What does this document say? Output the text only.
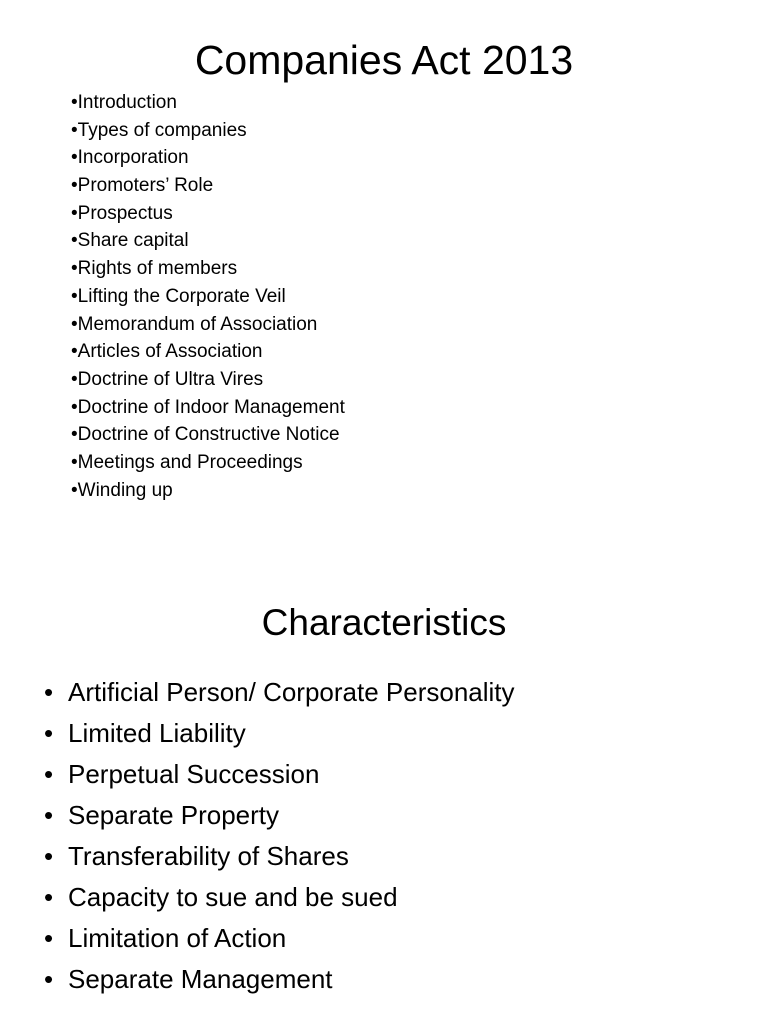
Companies Act 2013
•Introduction
•Types of companies
•Incorporation
•Promoters’ Role
•Prospectus
•Share capital
•Rights of members
•Lifting the Corporate Veil
•Memorandum of Association
•Articles of Association
•Doctrine of Ultra Vires
•Doctrine of Indoor Management
•Doctrine of Constructive Notice
•Meetings and Proceedings
•Winding up
Characteristics
• Artificial Person/ Corporate Personality
• Limited Liability
• Perpetual Succession
• Separate Property
• Transferability of Shares
• Capacity to sue and be sued
• Limitation of Action
• Separate Management
